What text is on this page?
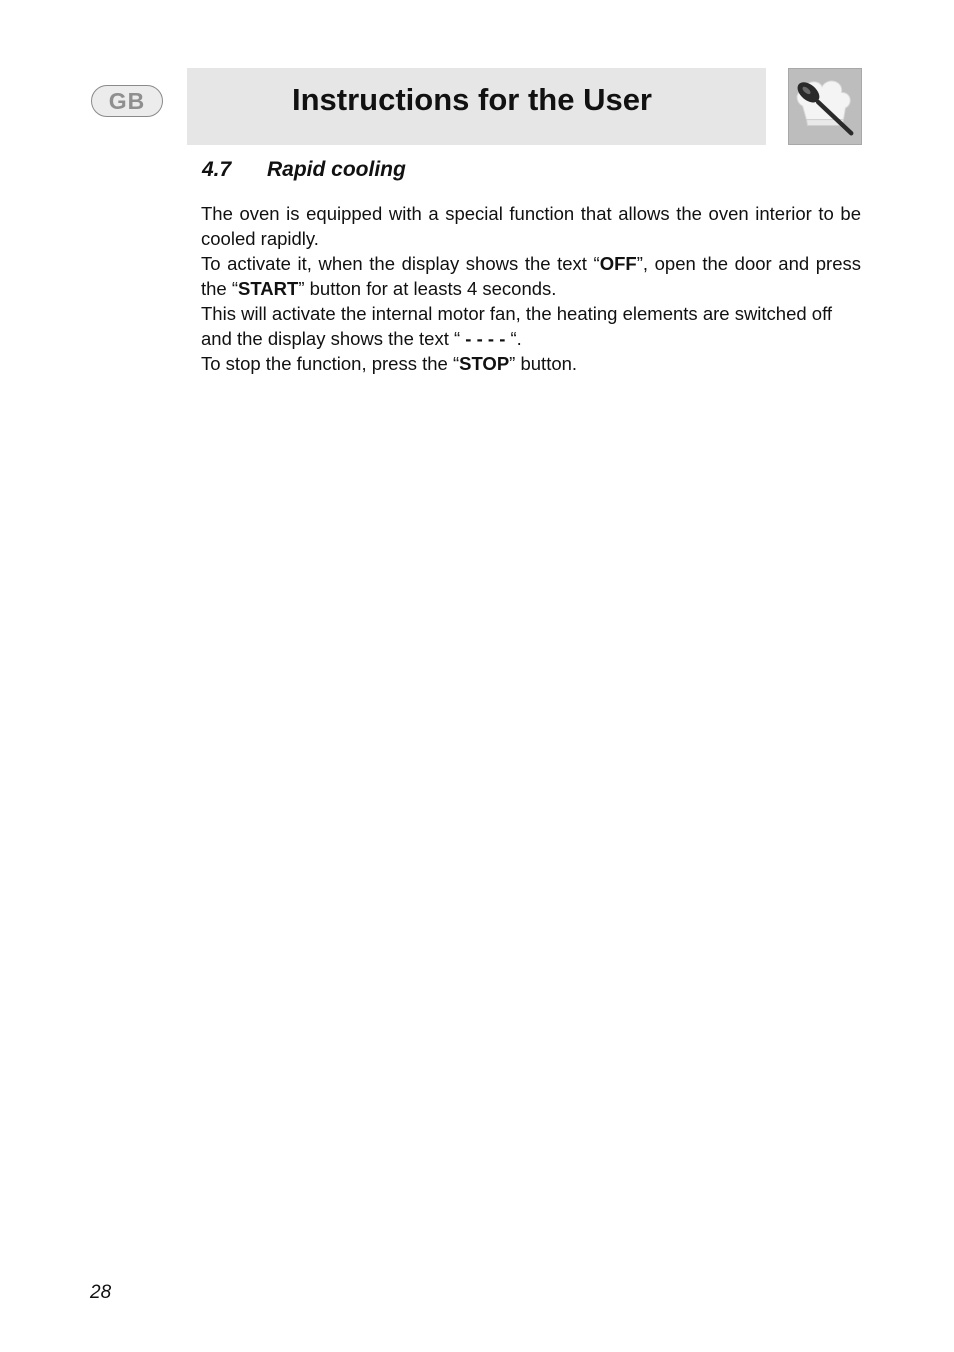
GB	Instructions for the User
4.7 Rapid cooling

The oven is equipped with a special function that allows the oven interior to be cooled rapidly.

To activate it, when the display shows the text “OFF”, open the door and press the “START” button for at leasts 4 seconds.

This will activate the internal motor fan, the heating elements are switched off and the display shows the text “ - - - - “.

To stop the function, press the “STOP” button.

28
